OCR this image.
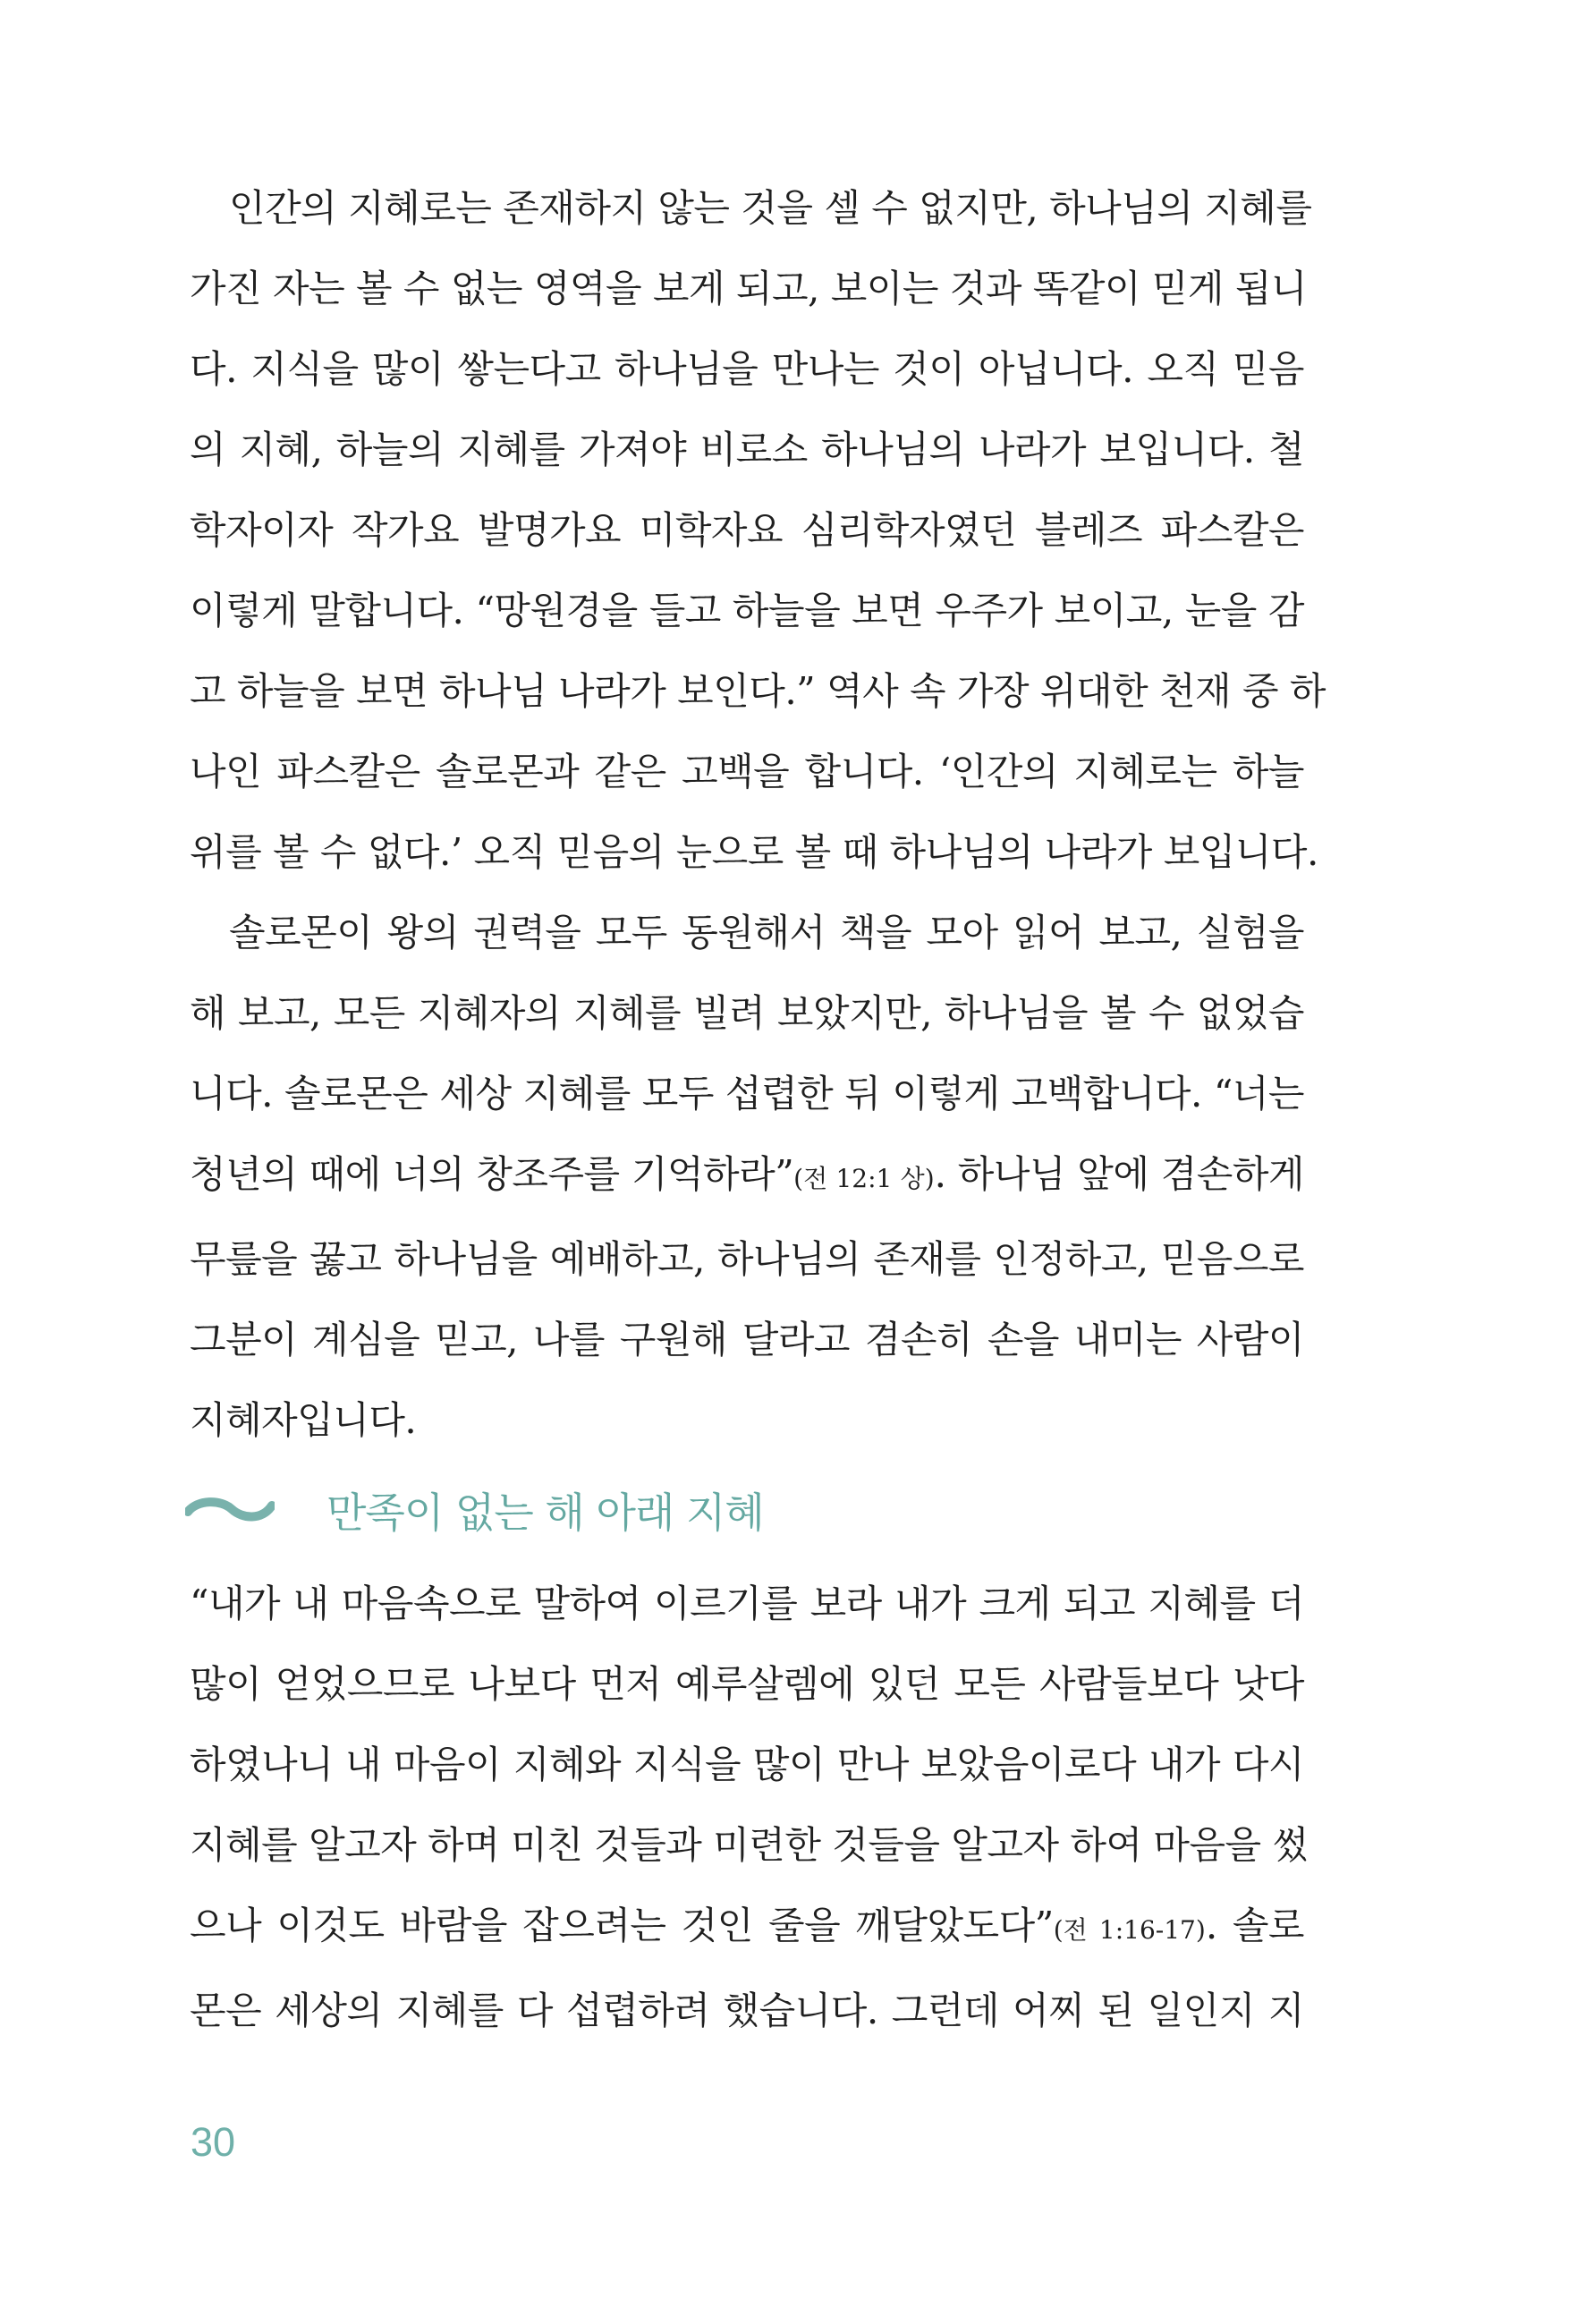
인간의 지혜로는 존재하지 않는 것을 셀 수 없지만, 하나님의 지혜를
가진 자는 볼 수 없는 영역을 보게 되고, 보이는 것과 똑같이 믿게 됩니
다. 지식을 많이 쌓는다고 하나님을 만나는 것이 아닙니다. 오직 믿음
의 지혜, 하늘의 지혜를 가져야 비로소 하나님의 나라가 보입니다. 철
학자이자 작가요 발명가요 미학자요 심리학자였던 블레즈 파스칼은
이렇게 말합니다. “망원경을 들고 하늘을 보면 우주가 보이고, 눈을 감
고 하늘을 보면 하나님 나라가 보인다.” 역사 속 가장 위대한 천재 중 하
나인 파스칼은 솔로몬과 같은 고백을 합니다. ‘인간의 지혜로는 하늘
위를 볼 수 없다.’ 오직 믿음의 눈으로 볼 때 하나님의 나라가 보입니다.
솔로몬이 왕의 권력을 모두 동원해서 책을 모아 읽어 보고, 실험을
해 보고, 모든 지혜자의 지혜를 빌려 보았지만, 하나님을 볼 수 없었습
니다. 솔로몬은 세상 지혜를 모두 섭렵한 뒤 이렇게 고백합니다. “너는
청년의 때에 너의 창조주를 기억하라”(전 12:1 상). 하나님 앞에 겸손하게
무릎을 꿇고 하나님을 예배하고, 하나님의 존재를 인정하고, 믿음으로
그분이 계심을 믿고, 나를 구원해 달라고 겸손히 손을 내미는 사람이
지혜자입니다.
만족이 없는 해 아래 지혜
“내가 내 마음속으로 말하여 이르기를 보라 내가 크게 되고 지혜를 더
많이 얻었으므로 나보다 먼저 예루살렘에 있던 모든 사람들보다 낫다
하였나니 내 마음이 지혜와 지식을 많이 만나 보았음이로다 내가 다시
지혜를 알고자 하며 미친 것들과 미련한 것들을 알고자 하여 마음을 썼
으나 이것도 바람을 잡으려는 것인 줄을 깨달았도다”(전 1:16-17). 솔로
몬은 세상의 지혜를 다 섭렵하려 했습니다. 그런데 어찌 된 일인지 지
30
